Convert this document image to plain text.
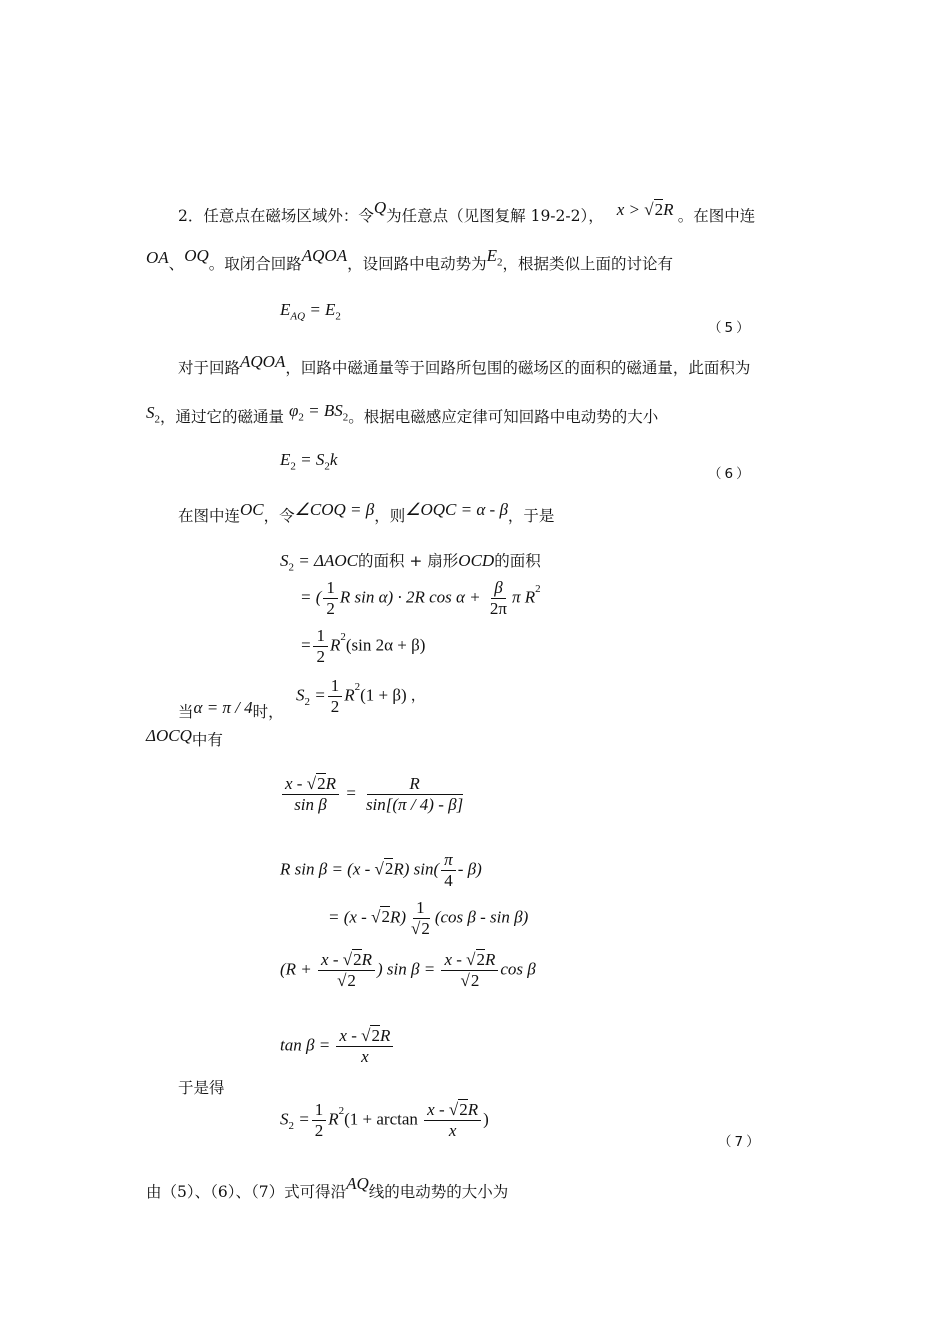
2．任意点在磁场区域外：令Q为任意点（见图复解 19-2-2）， x > √2R 。在图中连
OA、OQ。取闭合回路AQOA，设回路中电动势为$E_2$，根据类似上面的讨论有
$E_{AQ} = E_2$
（5）
对于回路AQOA，回路中磁通量等于回路所包围的磁场区的面积的磁通量，此面积为
$S_2$，通过它的磁通量 $\varphi_2 = BS_2$。根据电磁感应定律可知回路中电动势的大小
$E_2 = S_2k$
（6）
在图中连OC，令∠COQ = β，则∠OQC = α - β，于是
$S_2 = \Delta AOC$的面积 + 扇形OCD的面积
= ( $\frac{1}{2}$ R sin α) · 2R $\cos \alpha + \frac{\beta}{2\pi}$ π $R^2$
= $\frac{1}{2} R^2(\sin$ 2α + β)
当α = π / 4时，
$S_2 = \frac{1}{2} R^2(1 + \beta)$ ，
ΔOCQ中有
$\frac{x - √2R}{\text{sin β}} = \frac{R}{\sin[(\pi / 4) - \beta]}$
R sin β = (x - √2R) $\sin( \frac{\pi}{4} - \beta)$
= $(x - √2R) \frac{1}{√2} (\cos$ β - sin β)
($R + \frac{x - √2R}{√2}$ ) $\sin \beta = \frac{x - √2R}{√2}$ cos β
$\tan \beta = \frac{x - √2R}{x}$
于是得
$S_2 = \frac{1}{2} R^2(1 + \arctan \frac{x - √2R}{x}$ )
（7）
由（5）、（6）、（7）式可得沿AQ线的电动势的大小为
